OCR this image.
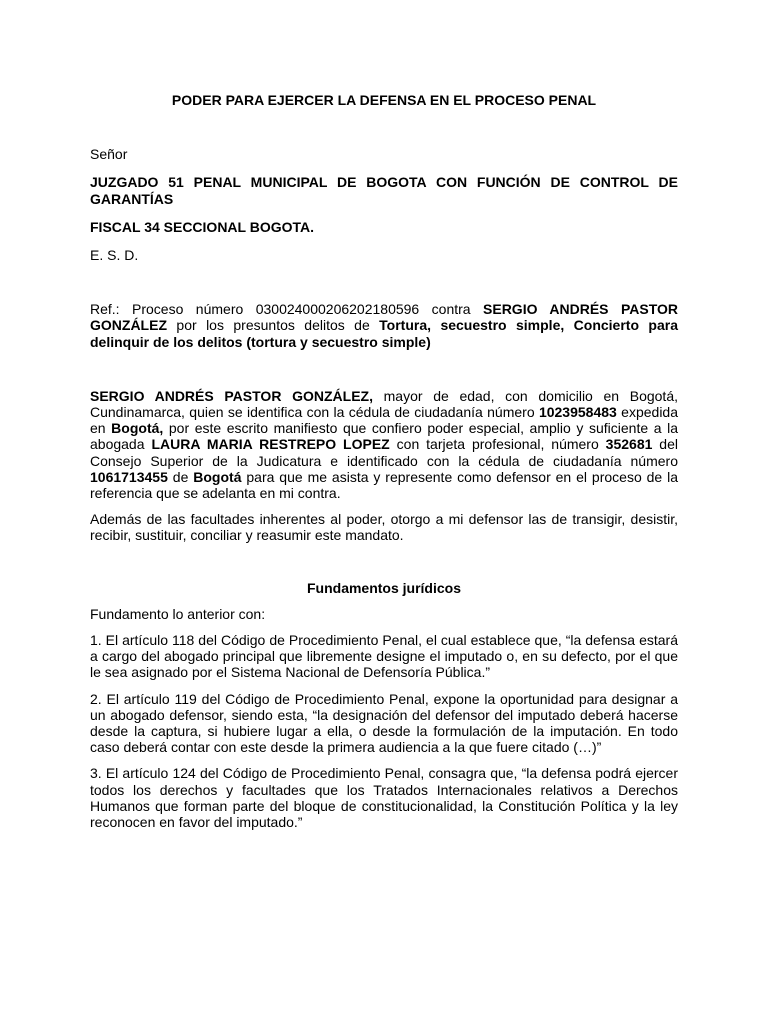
PODER PARA EJERCER LA DEFENSA EN EL PROCESO PENAL

Señor

JUZGADO 51 PENAL MUNICIPAL DE BOGOTA CON FUNCIÓN DE CONTROL DE GARANTÍAS

FISCAL 34 SECCIONAL BOGOTA.

E. S. D.

Ref.: Proceso número 030024000206202180596 contra SERGIO ANDRÉS PASTOR GONZÁLEZ por los presuntos delitos de Tortura, secuestro simple, Concierto para delinquir de los delitos (tortura y secuestro simple)

SERGIO ANDRÉS PASTOR GONZÁLEZ, mayor de edad, con domicilio en Bogotá, Cundinamarca, quien se identifica con la cédula de ciudadanía número 1023958483 expedida en Bogotá, por este escrito manifiesto que confiero poder especial, amplio y suficiente a la abogada LAURA MARIA RESTREPO LOPEZ con tarjeta profesional, número 352681 del Consejo Superior de la Judicatura e identificado con la cédula de ciudadanía número 1061713455 de Bogotá para que me asista y represente como defensor en el proceso de la referencia que se adelanta en mi contra.

Además de las facultades inherentes al poder, otorgo a mi defensor las de transigir, desistir, recibir, sustituir, conciliar y reasumir este mandato.

Fundamentos jurídicos

Fundamento lo anterior con:

1. El artículo 118 del Código de Procedimiento Penal, el cual establece que, “la defensa estará a cargo del abogado principal que libremente designe el imputado o, en su defecto, por el que le sea asignado por el Sistema Nacional de Defensoría Pública.”

2. El artículo 119 del Código de Procedimiento Penal, expone la oportunidad para designar a un abogado defensor, siendo esta, “la designación del defensor del imputado deberá hacerse desde la captura, si hubiere lugar a ella, o desde la formulación de la imputación. En todo caso deberá contar con este desde la primera audiencia a la que fuere citado (…)”

3. El artículo 124 del Código de Procedimiento Penal, consagra que, “la defensa podrá ejercer todos los derechos y facultades que los Tratados Internacionales relativos a Derechos Humanos que forman parte del bloque de constitucionalidad, la Constitución Política y la ley reconocen en favor del imputado.”
